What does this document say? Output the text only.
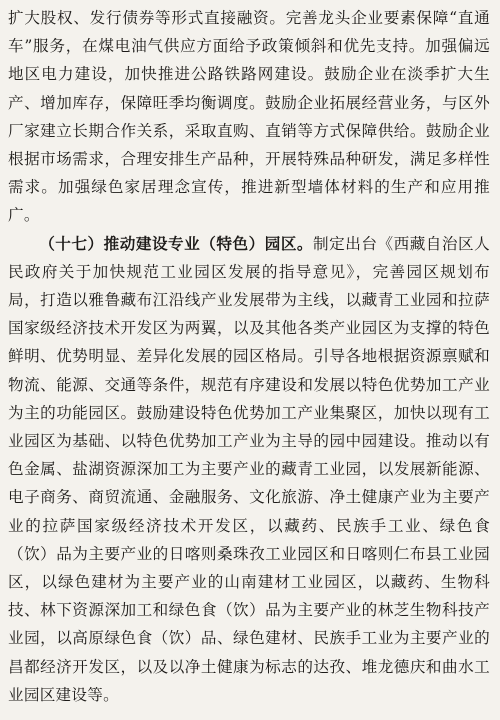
扩大股权、发行债券等形式直接融资。完善龙头企业要素保障“直通车”服务，在煤电油气供应方面给予政策倾斜和优先支持。加强偏远地区电力建设，加快推进公路铁路网建设。鼓励企业在淡季扩大生产、增加库存，保障旺季均衡调度。鼓励企业拓展经营业务，与区外厂家建立长期合作关系，采取直购、直销等方式保障供给。鼓励企业根据市场需求，合理安排生产品种，开展特殊品种研发，满足多样性需求。加强绿色家居理念宣传，推进新型墙体材料的生产和应用推广。

（十七）推动建设专业（特色）园区。制定出台《西藏自治区人民政府关于加快规范工业园区发展的指导意见》，完善园区规划布局，打造以雅鲁藏布江沿线产业发展带为主线，以藏青工业园和拉萨国家级经济技术开发区为两翼，以及其他各类产业园区为支撑的特色鲜明、优势明显、差异化发展的园区格局。引导各地根据资源禀赋和物流、能源、交通等条件，规范有序建设和发展以特色优势加工产业为主的功能园区。鼓励建设特色优势加工产业集聚区，加快以现有工业园区为基础、以特色优势加工产业为主导的园中园建设。推动以有色金属、盐湖资源深加工为主要产业的藏青工业园，以发展新能源、电子商务、商贸流通、金融服务、文化旅游、净土健康产业为主要产业的拉萨国家级经济技术开发区，以藏药、民族手工业、绿色食（饮）品为主要产业的日喀则桑珠孜工业园区和日喀则仁布县工业园区，以绿色建材为主要产业的山南建材工业园区，以藏药、生物科技、林下资源深加工和绿色食（饮）品为主要产业的林芝生物科技产业园，以高原绿色食（饮）品、绿色建材、民族手工业为主要产业的昌都经济开发区，以及以净土健康为标志的达孜、堆龙德庆和曲水工业园区建设等。
